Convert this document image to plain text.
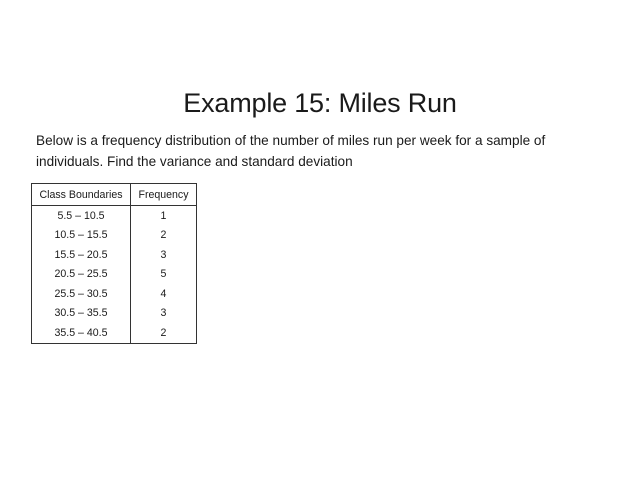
Example 15: Miles Run
Below is a frequency distribution of the number of miles run per week for a sample of individuals. Find the variance and standard deviation
Class Boundaries	Frequency
5.5 – 10.5	1
10.5 – 15.5	2
15.5 – 20.5	3
20.5 – 25.5	5
25.5 – 30.5	4
30.5 – 35.5	3
35.5 – 40.5	2
